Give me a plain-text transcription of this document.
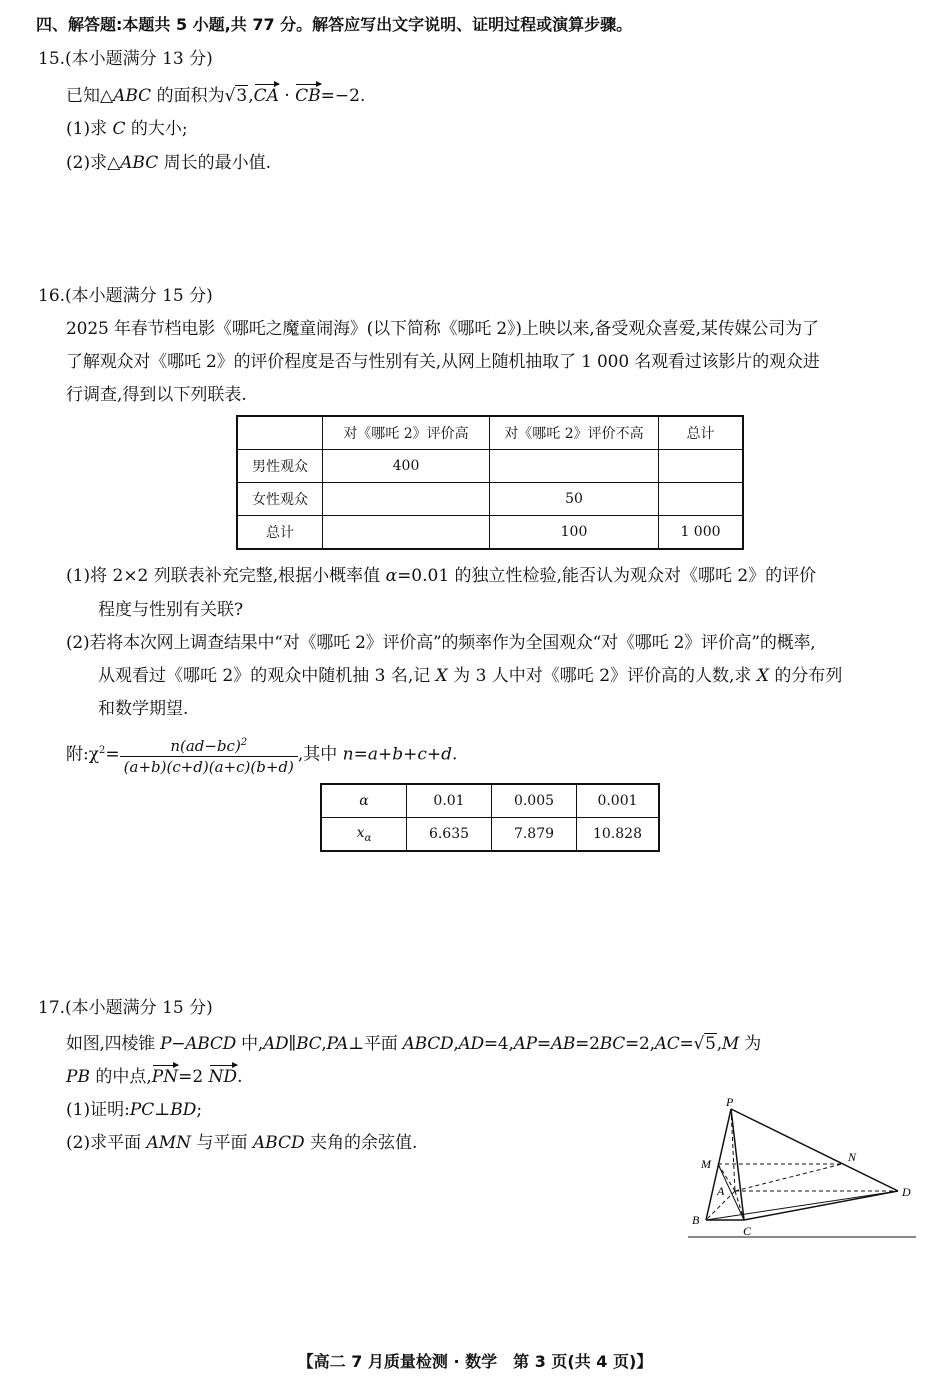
四、解答题:本题共 5 小题,共 77 分。解答应写出文字说明、证明过程或演算步骤。
15.(本小题满分 13 分)
已知△ABC 的面积为√3,CA · CB=−2.
(1)求 C 的大小;
(2)求△ABC 周长的最小值.
16.(本小题满分 15 分)
2025 年春节档电影《哪吒之魔童闹海》(以下简称《哪吒 2》)上映以来,备受观众喜爱,某传媒公司为了
了解观众对《哪吒 2》的评价程度是否与性别有关,从网上随机抽取了 1 000 名观看过该影片的观众进
行调查,得到以下列联表.
	对《哪吒 2》评价高	对《哪吒 2》评价不高	总计
男性观众	400		
女性观众		50	
总计		100	1 000
(1)将 2×2 列联表补充完整,根据小概率值 α=0.01 的独立性检验,能否认为观众对《哪吒 2》的评价
程度与性别有关联?
(2)若将本次网上调查结果中“对《哪吒 2》评价高”的频率作为全国观众“对《哪吒 2》评价高”的概率,
从观看过《哪吒 2》的观众中随机抽 3 名,记 X 为 3 人中对《哪吒 2》评价高的人数,求 X 的分布列
和数学期望.
附$:\chi^2= \frac{n(ad-bc)^2}{(a+b)(c+d)(a+c)(b+d)}$ ,其中 n=a+b+c+d.
α	0.01	0.005	0.001
$x_\alpha$	6.635	7.879	10.828
17.(本小题满分 15 分)
如图,四棱锥 P−ABCD 中,AD∥BC,PA⊥平面 ABCD,AD=4,AP=AB=2BC=2,AC=√5,M 为
PB 的中点,PN=2 ND.
(1)证明:PC⊥BD;
(2)求平面 AMN 与平面 ABCD 夹角的余弦值.
P
M	N
A
B
C
D
【高二 7 月质量检测 · 数学　第 3 页(共 4 页)】
